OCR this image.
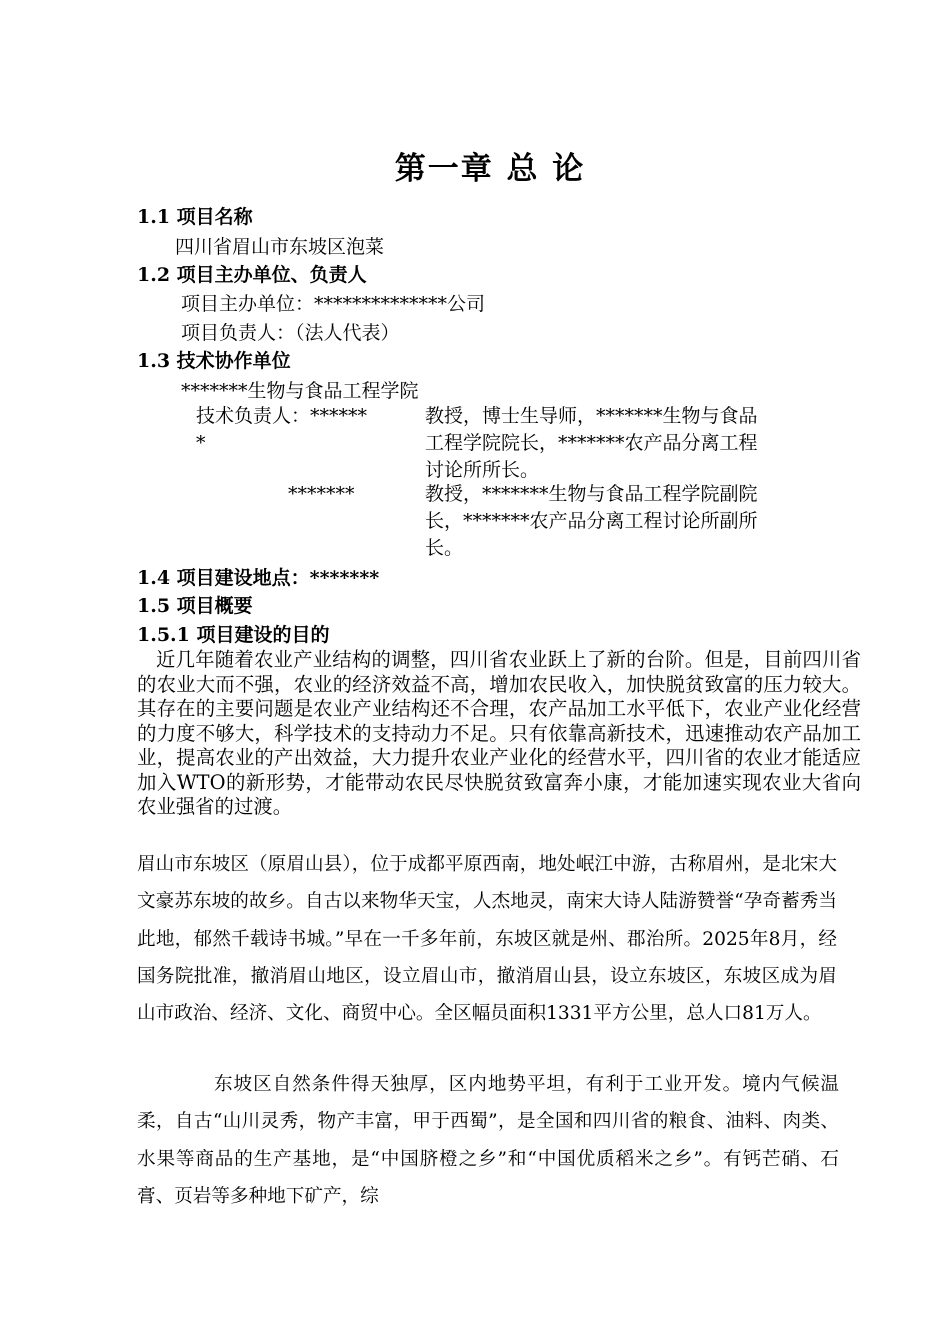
第一章 总 论
1.1 项目名称
四川省眉山市东坡区泡菜
1.2 项目主办单位、负责人
项目主办单位：**************公司
项目负责人：（法人代表）
1.3 技术协作单位
*******生物与食品工程学院
技术负责人：******
*
教授，博士生导师，*******生物与食品
工程学院院长，*******农产品分离工程
讨论所所长。
*******	教授，*******生物与食品工程学院副院
长，*******农产品分离工程讨论所副所
长。
1.4 项目建设地点：*******
1.5 项目概要
1.5.1 项目建设的目的

近几年随着农业产业结构的调整，四川省农业跃上了新的台阶。但是，目前四川省的农业大而不强，农业的经济效益不高，增加农民收入，加快脱贫致富的压力较大。其存在的主要问题是农业产业结构还不合理，农产品加工水平低下，农业产业化经营的力度不够大，科学技术的支持动力不足。只有依靠高新技术，迅速推动农产品加工业，提高农业的产出效益，大力提升农业产业化的经营水平，四川省的农业才能适应加入WTO的新形势，才能带动农民尽快脱贫致富奔小康，才能加速实现农业大省向农业强省的过渡。

眉山市东坡区（原眉山县），位于成都平原西南，地处岷江中游，古称眉州，是北宋大文豪苏东坡的故乡。自古以来物华天宝，人杰地灵，南宋大诗人陆游赞誉“孕奇蓄秀当此地，郁然千载诗书城。”早在一千多年前，东坡区就是州、郡治所。2025年8月，经国务院批准，撤消眉山地区，设立眉山市，撤消眉山县，设立东坡区，东坡区成为眉山市政治、经济、文化、商贸中心。全区幅员面积1331平方公里，总人口81万人。

东坡区自然条件得天独厚，区内地势平坦，有利于工业开发。境内气候温柔，自古“山川灵秀，物产丰富，甲于西蜀”，是全国和四川省的粮食、油料、肉类、水果等商品的生产基地，是“中国脐橙之乡”和“中国优质稻米之乡”。有钙芒硝、石膏、页岩等多种地下矿产，综
